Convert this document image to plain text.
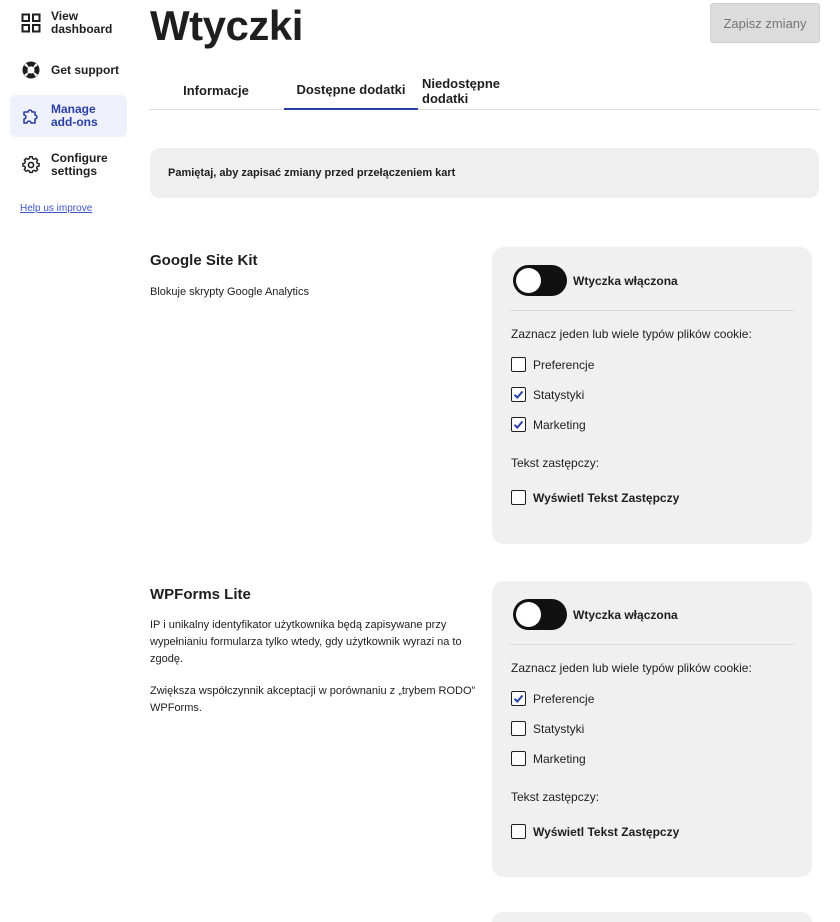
View
dashboard
Get support
Manage
add-ons
Configure
settings
Help us improve
Wtyczki	Zapisz zmiany
Informacje	Dostępne dodatki	Niedostępne dodatki
Pamiętaj, aby zapisać zmiany przed przełączeniem kart
Google Site Kit
Blokuje skrypty Google Analytics
Wtyczka włączona
Zaznacz jeden lub wiele typów plików cookie:
Preferencje
Statystyki
Marketing
Tekst zastępczy:
Wyświetl Tekst Zastępczy
WPForms Lite
IP i unikalny identyfikator użytkownika będą zapisywane przy wypełnianiu formularza tylko wtedy, gdy użytkownik wyrazi na to zgodę.
Zwiększa współczynnik akceptacji w porównaniu z „trybem RODO” WPForms.
Wtyczka włączona
Zaznacz jeden lub wiele typów plików cookie:
Preferencje
Statystyki
Marketing
Tekst zastępczy:
Wyświetl Tekst Zastępczy
